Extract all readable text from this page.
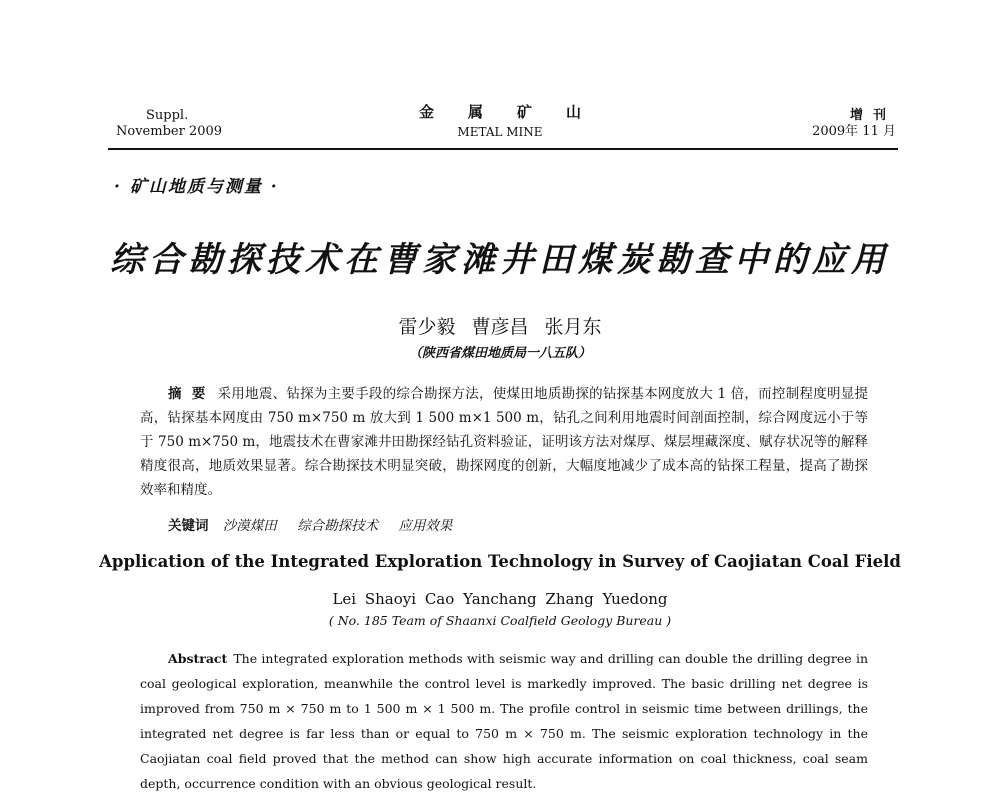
Suppl.
November 2009
金属矿山
METAL MINE
增刊
2009年 11 月
· 矿山地质与测量 ·
综合勘探技术在曹家滩井田煤炭勘查中的应用
雷少毅 曹彦昌 张月东
（陕西省煤田地质局一八五队）
摘要 采用地震、钻探为主要手段的综合勘探方法，使煤田地质勘探的钻探基本网度放大 1 倍，而控制程度明显提高，钻探基本网度由 750 m×750 m 放大到 1 500 m×1 500 m，钻孔之间利用地震时间剖面控制，综合网度远小于等于 750 m×750 m，地震技术在曹家滩井田勘探经钻孔资料验证，证明该方法对煤厚、煤层埋藏深度、赋存状况等的解释精度很高，地质效果显著。综合勘探技术明显突破，勘探网度的创新，大幅度地减少了成本高的钻探工程量，提高了勘探效率和精度。
关键词 沙漠煤田 综合勘探技术 应用效果
Application of the Integrated Exploration Technology in Survey of Caojiatan Coal Field
Lei Shaoyi Cao Yanchang Zhang Yuedong
( No. 185 Team of Shaanxi Coalfield Geology Bureau )
Abstract The integrated exploration methods with seismic way and drilling can double the drilling degree in coal geological exploration, meanwhile the control level is markedly improved. The basic drilling net degree is improved from 750 m × 750 m to 1 500 m × 1 500 m. The profile control in seismic time between drillings, the integrated net degree is far less than or equal to 750 m × 750 m. The seismic exploration technology in the Caojiatan coal field proved that the method can show high accurate information on coal thickness, coal seam depth, occurrence condition with an obvious geological result.
